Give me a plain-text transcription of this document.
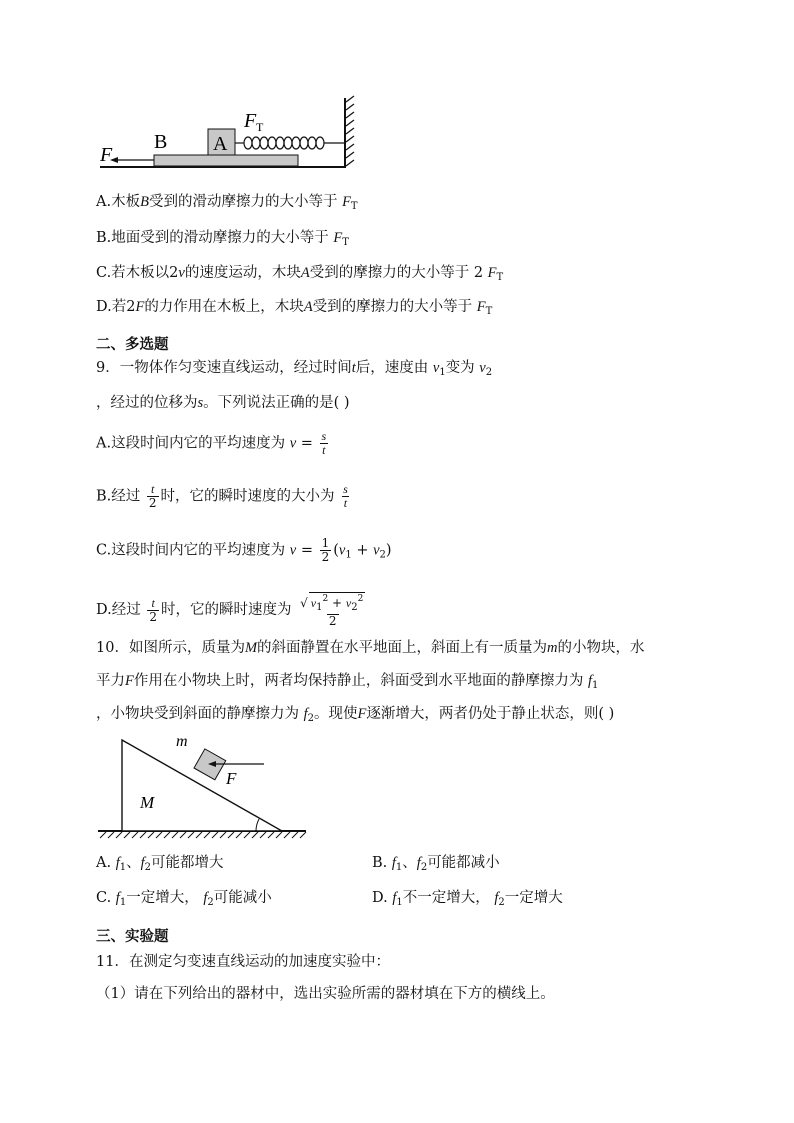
F
B A
F T
A.木板B受到的滑动摩擦力的大小等于 $F_T$
B.地面受到的滑动摩擦力的大小等于 $F_T$
C.若木板以2v的速度运动，木块A受到的摩擦力的大小等于 2 $F_T$
D.若2F的力作用在木板上，木块A受到的摩擦力的大小等于 $F_T$
二、多选题
9．一物体作匀变速直线运动，经过时间t后，速度由 $v_1$变为 $v_2$
，经过的位移为s。下列说法正确的是( )
A.这段时间内它的平均速度为 $v = \frac{s}{t}$
B.经过 $\frac{t}{2}$ 时，它的瞬时速度的大小为 $\frac{s}{t}$
C.这段时间内它的平均速度为 $v = \frac{1}{2} (v_1 + v_2)$
D.经过 $\frac{t}{2}$ 时，它的瞬时速度为 $\frac{√ v_1^2 + v_2^2}{2}$
10．如图所示，质量为M的斜面静置在水平地面上，斜面上有一质量为m的小物块，水
平力F作用在小物块上时，两者均保持静止，斜面受到水平地面的静摩擦力为 $f_1$
，小物块受到斜面的静摩擦力为 $f_2$。现使F逐渐增大，两者仍处于静止状态，则( )
m
F
M
A. $f_1$、$f_2$可能都增大	B. $f_1$、$f_2$可能都减小
C. $f_1$一定增大， $f_2$可能减小	D. $f_1$不一定增大， $f_2$一定增大
三、实验题
11．在测定匀变速直线运动的加速度实验中：
（1）请在下列给出的器材中，选出实验所需的器材填在下方的横线上。
